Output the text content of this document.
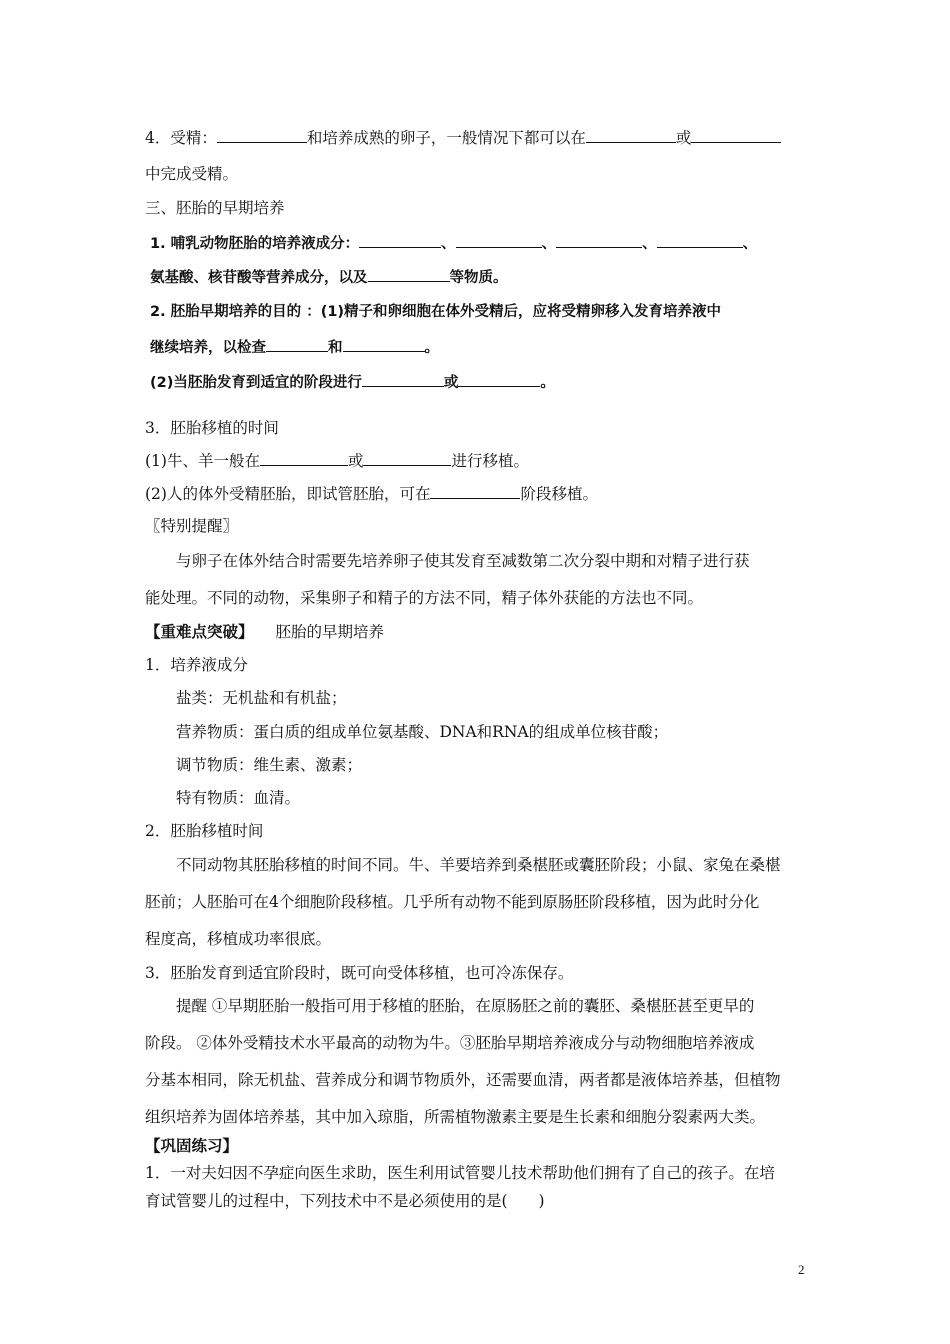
4．受精：	和培养成熟的卵子，一般情况下都可以在	或
中完成受精。
三、胚胎的早期培养
1. 哺乳动物胚胎的培养液成分：	、	、	、	、
氨基酸、核苷酸等营养成分，以及	等物质。
2. 胚胎早期培养的目的 ：(1)精子和卵细胞在体外受精后，应将受精卵移入发育培养液中
继续培养，以检查	和	。
(2)当胚胎发育到适宜的阶段进行	或	。
3．胚胎移植的时间
(1)牛、羊一般在	或	进行移植。
(2)人的体外受精胚胎，即试管胚胎，可在	阶段移植。
〖特别提醒〗
与卵子在体外结合时需要先培养卵子使其发育至减数第二次分裂中期和对精子进行获
能处理。不同的动物，采集卵子和精子的方法不同，精子体外获能的方法也不同。
【重难点突破】 胚胎的早期培养
1．培养液成分
盐类：无机盐和有机盐；
营养物质：蛋白质的组成单位氨基酸、DNA和RNA的组成单位核苷酸；
调节物质：维生素、激素；
特有物质：血清。
2．胚胎移植时间
不同动物其胚胎移植的时间不同。牛、羊要培养到桑椹胚或囊胚阶段；小鼠、家兔在桑椹
胚前；人胚胎可在4个细胞阶段移植。几乎所有动物不能到原肠胚阶段移植，因为此时分化
程度高，移植成功率很底。
3．胚胎发育到适宜阶段时，既可向受体移植，也可冷冻保存。
提醒 ①早期胚胎一般指可用于移植的胚胎，在原肠胚之前的囊胚、桑椹胚甚至更早的
阶段。 ②体外受精技术水平最高的动物为牛。③胚胎早期培养液成分与动物细胞培养液成
分基本相同，除无机盐、营养成分和调节物质外，还需要血清，两者都是液体培养基，但植物
组织培养为固体培养基，其中加入琼脂，所需植物激素主要是生长素和细胞分裂素两大类。
【巩固练习】
1．一对夫妇因不孕症向医生求助，医生利用试管婴儿技术帮助他们拥有了自己的孩子。在培
育试管婴儿的过程中，下列技术中不是必须使用的是(　　)
2
